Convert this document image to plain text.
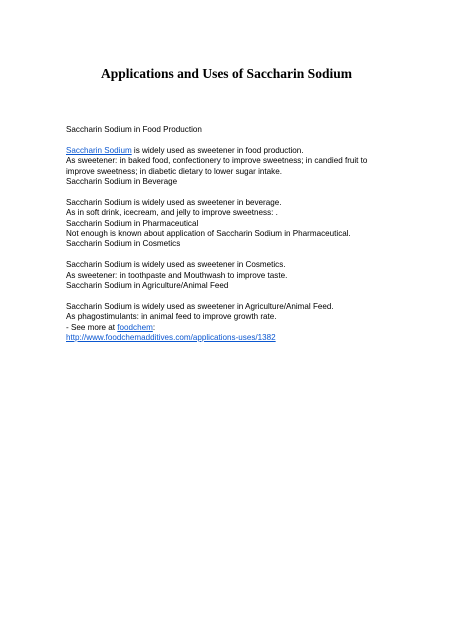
Applications and Uses of Saccharin Sodium
Saccharin Sodium in Food Production
Saccharin Sodium is widely used as sweetener in food production.
As sweetener: in baked food, confectionery to improve sweetness; in candied fruit to
improve sweetness; in diabetic dietary to lower sugar intake.
Saccharin Sodium in Beverage
Saccharin Sodium is widely used as sweetener in beverage.
As in soft drink, icecream, and jelly to improve sweetness: .
Saccharin Sodium in Pharmaceutical
Not enough is known about application of Saccharin Sodium in Pharmaceutical.
Saccharin Sodium in Cosmetics
Saccharin Sodium is widely used as sweetener in Cosmetics.
As sweetener: in toothpaste and Mouthwash to improve taste.
Saccharin Sodium in Agriculture/Animal Feed
Saccharin Sodium is widely used as sweetener in Agriculture/Animal Feed.
As phagostimulants: in animal feed to improve growth rate.
- See more at foodchem:
http://www.foodchemadditives.com/applications-uses/1382
